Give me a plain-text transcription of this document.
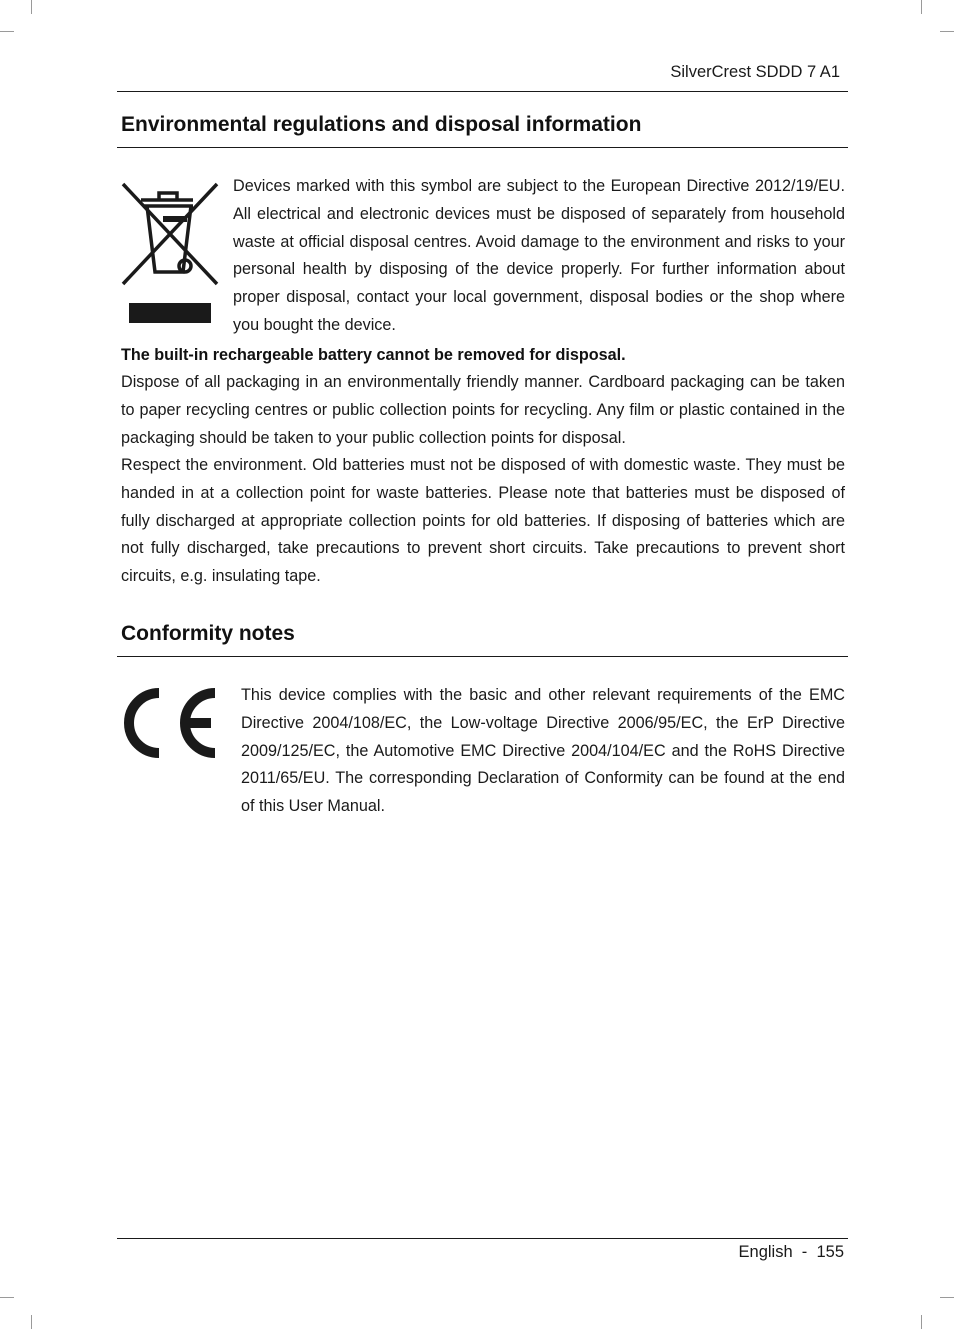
SilverCrest SDDD 7 A1
Environmental regulations and disposal information

Devices marked with this symbol are subject to the European Directive 2012/19/EU. All electrical and electronic devices must be disposed of separately from household waste at official disposal centres. Avoid damage to the environment and risks to your personal health by disposing of the device properly. For further information about proper disposal, contact your local government, disposal bodies or the shop where you bought the device.

The built-in rechargeable battery cannot be removed for disposal.

Dispose of all packaging in an environmentally friendly manner. Cardboard packaging can be taken to paper recycling centres or public collection points for recycling. Any film or plastic contained in the packaging should be taken to your public collection points for disposal.

Respect the environment. Old batteries must not be disposed of with domestic waste. They must be handed in at a collection point for waste batteries. Please note that batteries must be disposed of fully discharged at appropriate collection points for old batteries. If disposing of batteries which are not fully discharged, take precautions to prevent short circuits. Take precautions to prevent short circuits, e.g. insulating tape.

Conformity notes

This device complies with the basic and other relevant requirements of the EMC Directive 2004/108/EC, the Low-voltage Directive 2006/95/EC, the ErP Directive 2009/125/EC, the Automotive EMC Directive 2004/104/EC and the RoHS Directive 2011/65/EU. The corresponding Declaration of Conformity can be found at the end of this User Manual.

English  -  155
